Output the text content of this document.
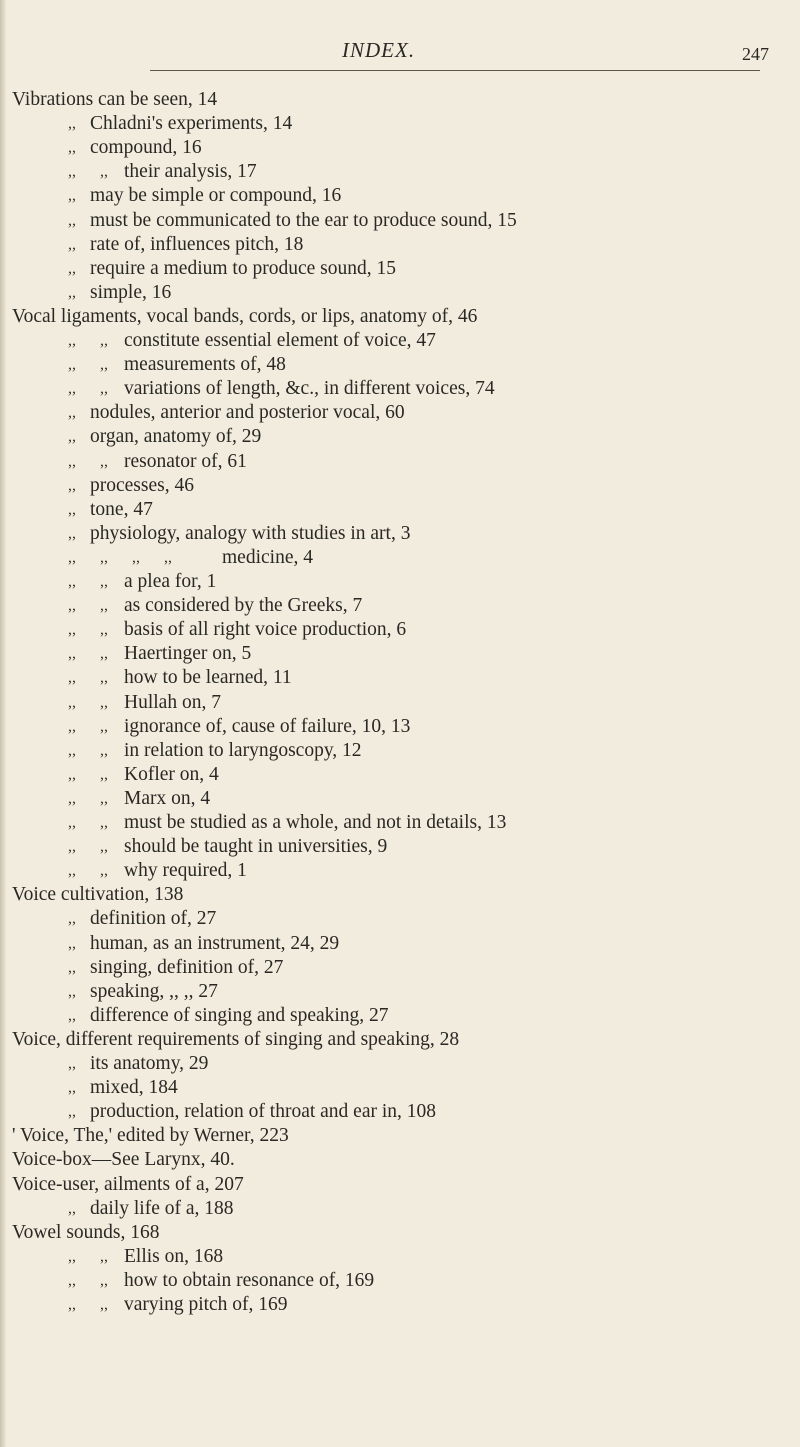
INDEX.	247
Vibrations can be seen, 14
,, Chladni's experiments, 14
,, compound, 16
,, ,, their analysis, 17
,, may be simple or compound, 16
,, must be communicated to the ear to produce sound, 15
,, rate of, influences pitch, 18
,, require a medium to produce sound, 15
,, simple, 16
Vocal ligaments, vocal bands, cords, or lips, anatomy of, 46
,, ,, constitute essential element of voice, 47
,, ,, measurements of, 48
,, ,, variations of length, &c., in different voices, 74
,, nodules, anterior and posterior vocal, 60
,, organ, anatomy of, 29
,, ,, resonator of, 61
,, processes, 46
,, tone, 47
,, physiology, analogy with studies in art, 3
,, ,, ,, ,,	medicine, 4
,, ,, a plea for, 1
,, ,, as considered by the Greeks, 7
,, ,, basis of all right voice production, 6
,, ,, Haertinger on, 5
,, ,, how to be learned, 11
,, ,, Hullah on, 7
,, ,, ignorance of, cause of failure, 10, 13
,, ,, in relation to laryngoscopy, 12
,, ,, Kofler on, 4
,, ,, Marx on, 4
,, ,, must be studied as a whole, and not in details, 13
,, ,, should be taught in universities, 9
,, ,, why required, 1
Voice cultivation, 138
,, definition of, 27
,, human, as an instrument, 24, 29
,, singing, definition of, 27
,, speaking, ,, ,, 27
,, difference of singing and speaking, 27
Voice, different requirements of singing and speaking, 28
,, its anatomy, 29
,, mixed, 184
,, production, relation of throat and ear in, 108
' Voice, The,' edited by Werner, 223
Voice-box—See Larynx, 40.
Voice-user, ailments of a, 207
,, daily life of a, 188
Vowel sounds, 168
,, ,, Ellis on, 168
,, ,, how to obtain resonance of, 169
,, ,, varying pitch of, 169
